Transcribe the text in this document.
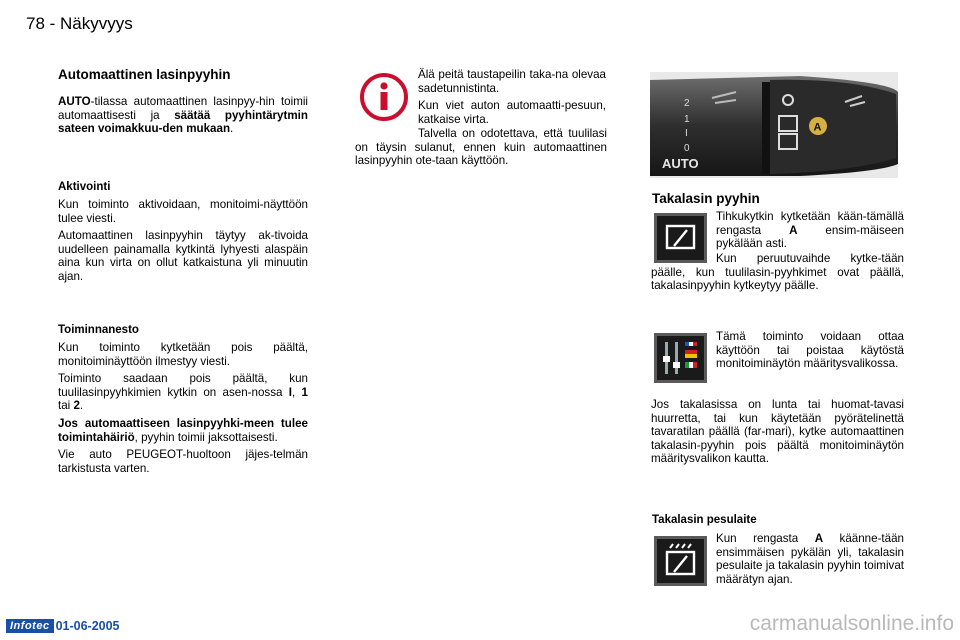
78 - Näkyvyys
Automaattinen lasinpyyhin

AUTO-tilassa automaattinen lasinpyy-hin toimii automaattisesti ja säätää pyyhintärytmin sateen voimakkuu-den mukaan.

Aktivointi

Kun toiminto aktivoidaan, monitoimi-näyttöön tulee viesti.

Automaattinen lasinpyyhin täytyy ak-tivoida uudelleen painamalla kytkintä lyhyesti alaspäin aina kun virta on ollut katkaistuna yli minuutin ajan.

Toiminnanesto

Kun toiminto kytketään pois päältä, monitoiminäyttöön ilmestyy viesti.

Toiminto saadaan pois päältä, kun tuulilasinpyyhkimien kytkin on asen-nossa I, 1 tai 2.

Jos automaattiseen lasinpyyhki-meen tulee toimintahäiriö, pyyhin toimii jaksottaisesti.

Vie auto PEUGEOT-huoltoon jäjes-telmän tarkistusta varten.

Älä peitä taustapeilin taka-na olevaa sadetunnistinta.

Kun viet auton automaatti-pesuun, katkaise virta.

Talvella on odotettava, että tuulilasi on täysin sulanut, ennen kuin automaattinen lasinpyyhin ote-taan käyttöön.	AUTO
2
1
I
0
A
Takalasin pyyhin

Tihkukytkin kytketään kään-tämällä rengasta A ensim-mäiseen pykälään asti.

Kun peruutuvaihde kytke-tään päälle, kun tuulilasin-pyyhkimet ovat päällä, takalasinpyyhin kytkeytyy päälle.

Tämä toiminto voidaan ottaa käyttöön tai poistaa käytöstä monitoiminäytön määritysvalikossa.

Jos takalasissa on lunta tai huomat-tavasi huurretta, tai kun käytetään pyörätelinettä tavaratilan päällä (far-mari), kytke automaattinen takalasin-pyyhin pois päältä monitoiminäytön määritysvalikon kautta.

Takalasin pesulaite

Kun rengasta A käänne-tään ensimmäisen pykälän yli, takalasin pesulaite ja takalasin pyyhin toimivat määrätyn ajan.

Infotec 01-06-2005	carmanualsonline.info
